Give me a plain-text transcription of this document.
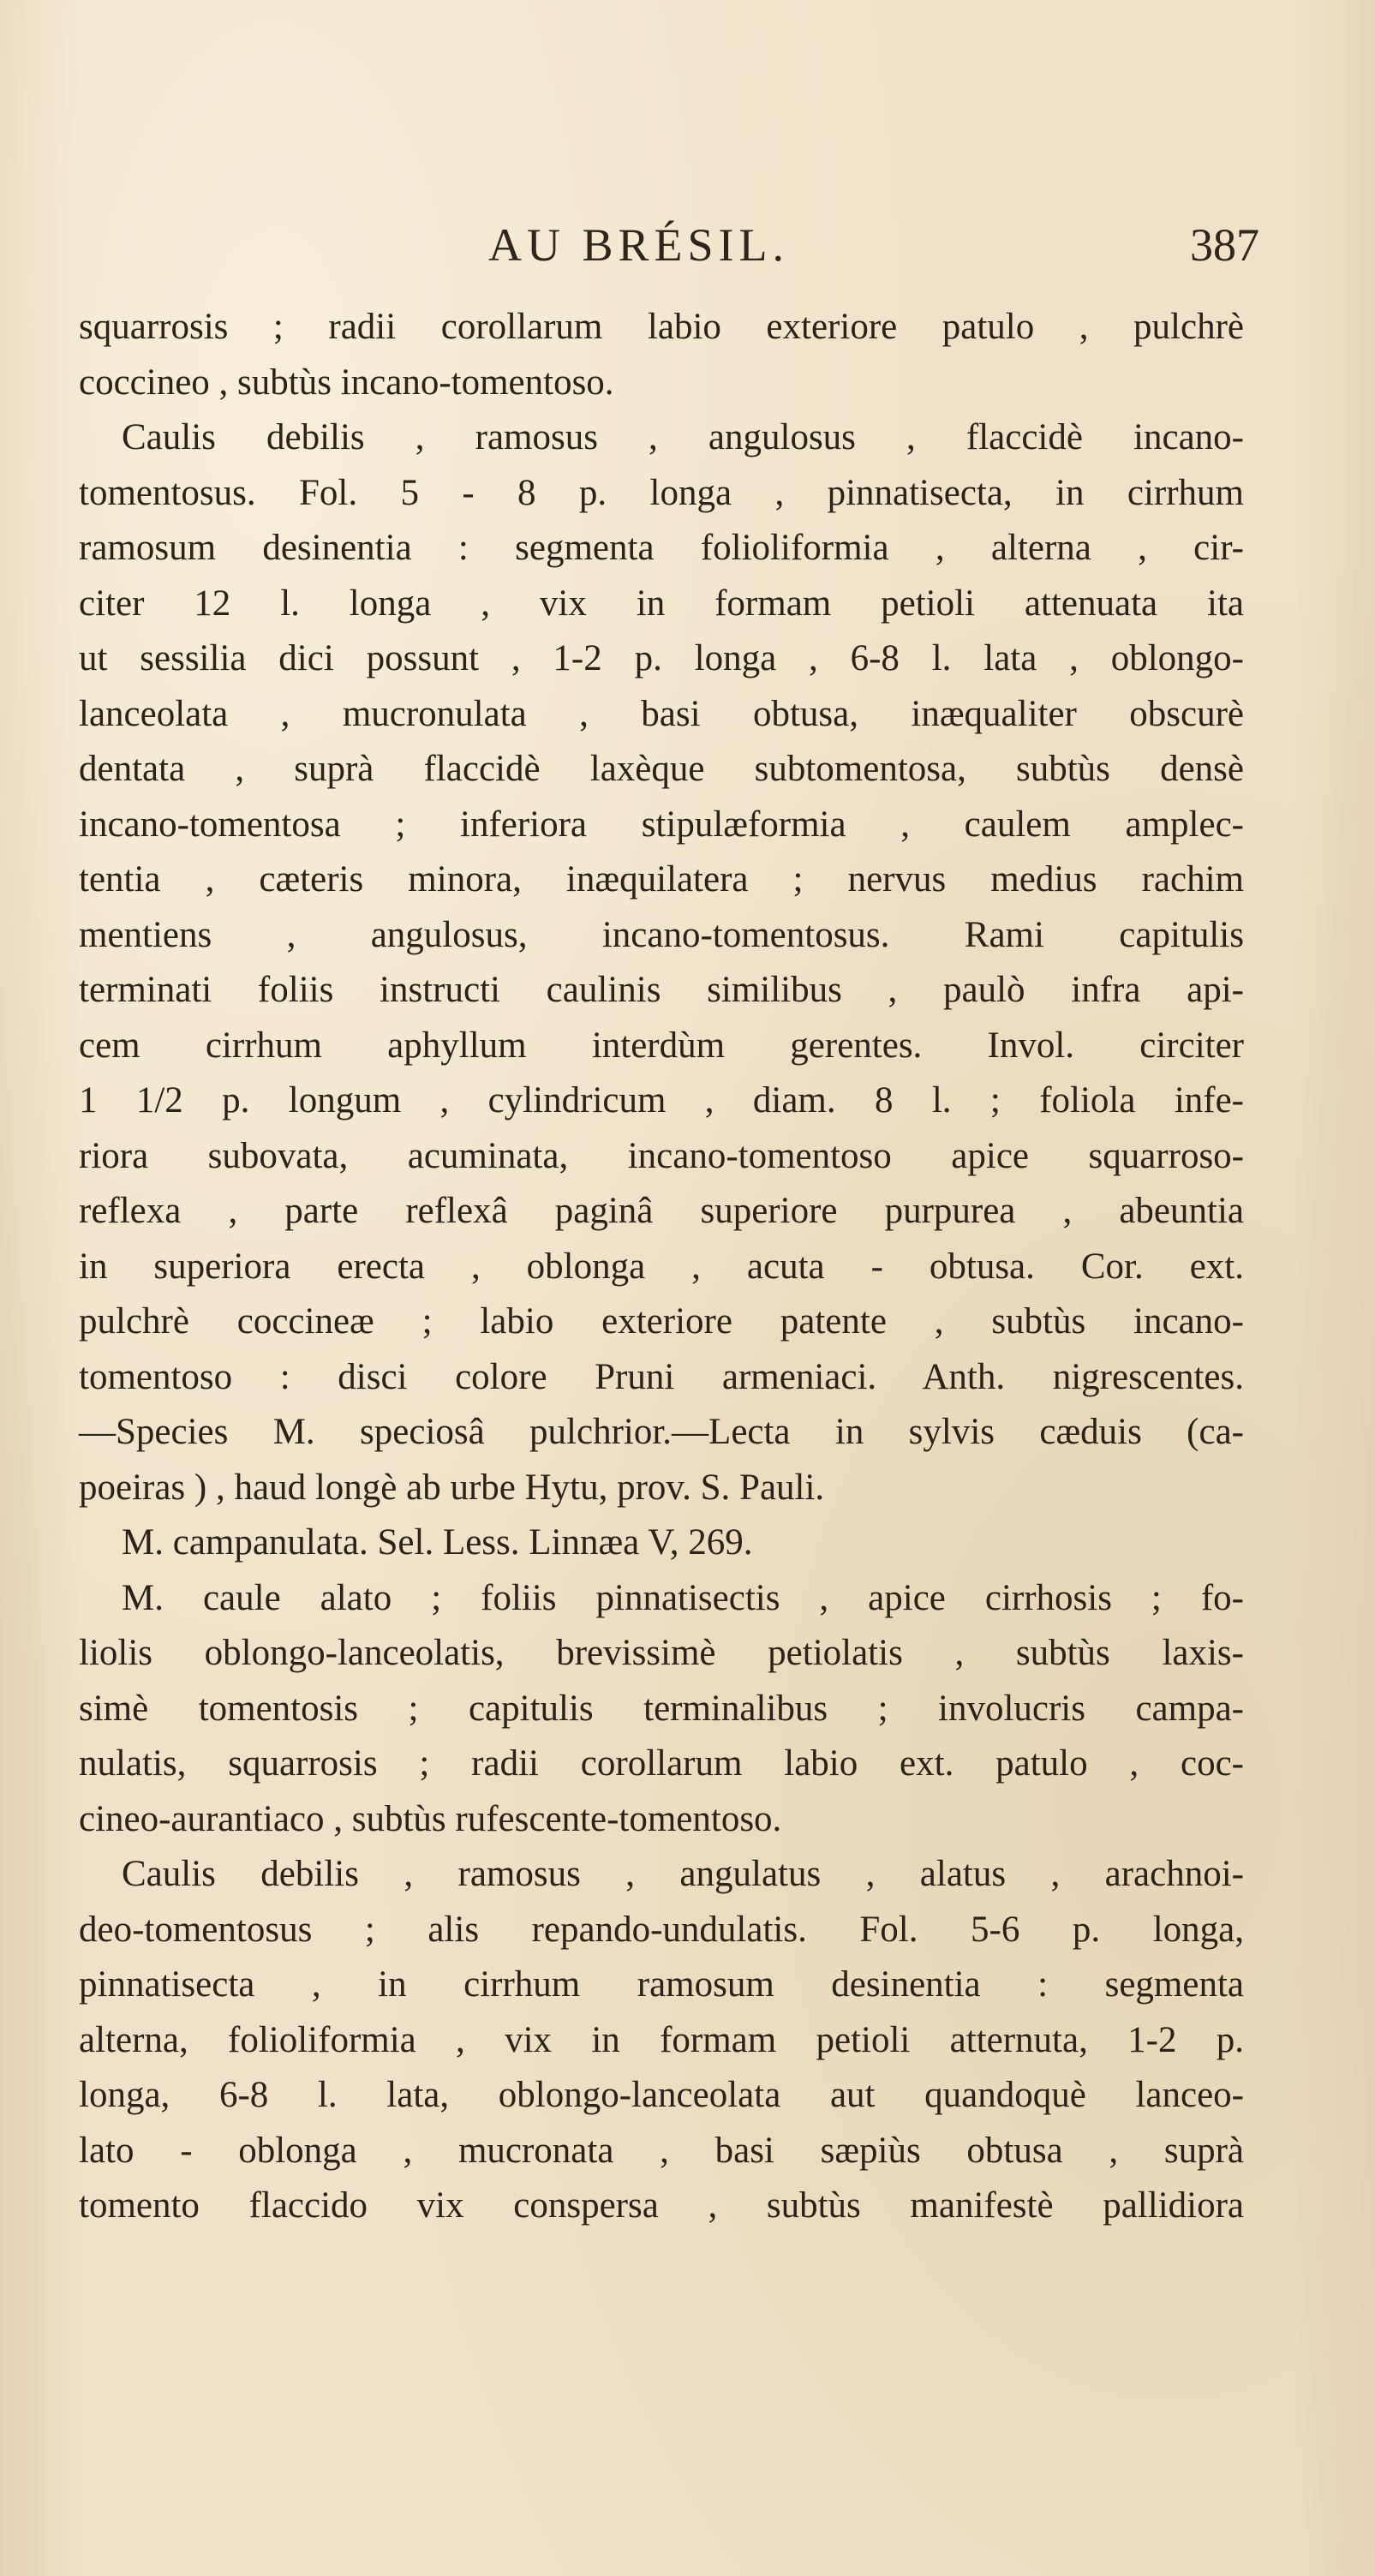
AU BRÉSIL.	387
squarrosis ; radii corollarum labio exteriore patulo , pulchrè
coccineo , subtùs incano-tomentoso.
Caulis debilis , ramosus , angulosus , flaccidè incano-
tomentosus. Fol. 5 - 8 p. longa , pinnatisecta, in cirrhum
ramosum desinentia : segmenta folioliformia , alterna , cir-
citer 12 l. longa , vix in formam petioli attenuata ita
ut sessilia dici possunt , 1-2 p. longa , 6-8 l. lata , oblongo-
lanceolata , mucronulata , basi obtusa, inæqualiter obscurè
dentata , suprà flaccidè laxèque subtomentosa, subtùs densè
incano-tomentosa ; inferiora stipulæformia , caulem amplec-
tentia , cæteris minora, inæquilatera ; nervus medius rachim
mentiens , angulosus, incano-tomentosus. Rami capitulis
terminati foliis instructi caulinis similibus , paulò infra api-
cem cirrhum aphyllum interdùm gerentes. Invol. circiter
1 1/2 p. longum , cylindricum , diam. 8 l. ; foliola infe-
riora subovata, acuminata, incano-tomentoso apice squarroso-
reflexa , parte reflexâ paginâ superiore purpurea , abeuntia
in superiora erecta , oblonga , acuta - obtusa. Cor. ext.
pulchrè coccineæ ; labio exteriore patente , subtùs incano-
tomentoso : disci colore Pruni armeniaci. Anth. nigrescentes.
—Species M. speciosâ pulchrior.—Lecta in sylvis cæduis (ca-
poeiras ) , haud longè ab urbe Hytu, prov. S. Pauli.
M. campanulata. Sel. Less. Linnæa V, 269.
M. caule alato ; foliis pinnatisectis , apice cirrhosis ; fo-
liolis oblongo-lanceolatis, brevissimè petiolatis , subtùs laxis-
simè tomentosis ; capitulis terminalibus ; involucris campa-
nulatis, squarrosis ; radii corollarum labio ext. patulo , coc-
cineo-aurantiaco , subtùs rufescente-tomentoso.
Caulis debilis , ramosus , angulatus , alatus , arachnoi-
deo-tomentosus ; alis repando-undulatis. Fol. 5-6 p. longa,
pinnatisecta , in cirrhum ramosum desinentia : segmenta
alterna, folioliformia , vix in formam petioli atternuta, 1-2 p.
longa, 6-8 l. lata, oblongo-lanceolata aut quandoquè lanceo-
lato - oblonga , mucronata , basi sæpiùs obtusa , suprà
tomento flaccido vix conspersa , subtùs manifestè pallidiora
